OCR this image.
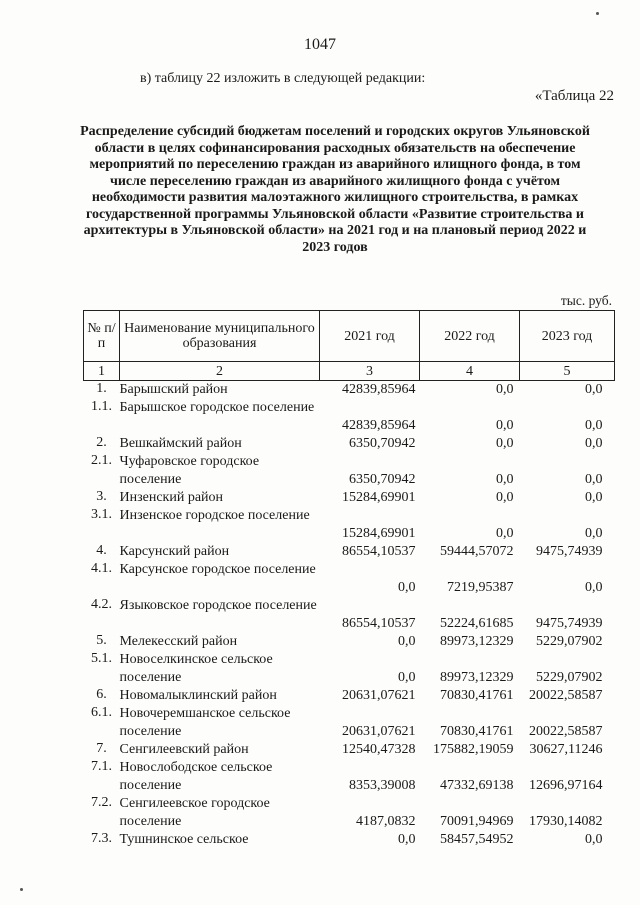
1047
в) таблицу 22 изложить в следующей редакции:
«Таблица 22
Распределение субсидий бюджетам поселений и городских округов Ульяновской области в целях софинансирования расходных обязательств на обеспечение мероприятий по переселению граждан из аварийного илищного фонда, в том числе переселению граждан из аварийного жилищного фонда с учётом необходимости развития малоэтажного жилищного строительства, в рамках государственной программы Ульяновской области «Развитие строительства и архитектуры в Ульяновской области» на 2021 год и на плановый период 2022 и 2023 годов
тыс. руб.
№ п/п	Наименование муниципального образования	2021 год	2022 год	2023 год
1	2	3	4	5
1.	Барышский район	42839,85964	0,0	0,0
1.1.	Барышское городское поселение	42839,85964	0,0	0,0
2.	Вешкаймский район	6350,70942	0,0	0,0
2.1.	Чуфаровское городское поселение	6350,70942	0,0	0,0
3.	Инзенский район	15284,69901	0,0	0,0
3.1.	Инзенское городское поселение	15284,69901	0,0	0,0
4.	Карсунский район	86554,10537	59444,57072	9475,74939
4.1.	Карсунское городское поселение	0,0	7219,95387	0,0
4.2.	Языковское городское поселение	86554,10537	52224,61685	9475,74939
5.	Мелекесский район	0,0	89973,12329	5229,07902
5.1.	Новоселкинское сельское поселение	0,0	89973,12329	5229,07902
6.	Новомалыклинский район	20631,07621	70830,41761	20022,58587
6.1.	Новочеремшанское сельское поселение	20631,07621	70830,41761	20022,58587
7.	Сенгилеевский район	12540,47328	175882,19059	30627,11246
7.1.	Новослободское сельское поселение	8353,39008	47332,69138	12696,97164
7.2.	Сенгилеевское городское поселение	4187,0832	70091,94969	17930,14082
7.3.	Тушнинское сельское	0,0	58457,54952	0,0
